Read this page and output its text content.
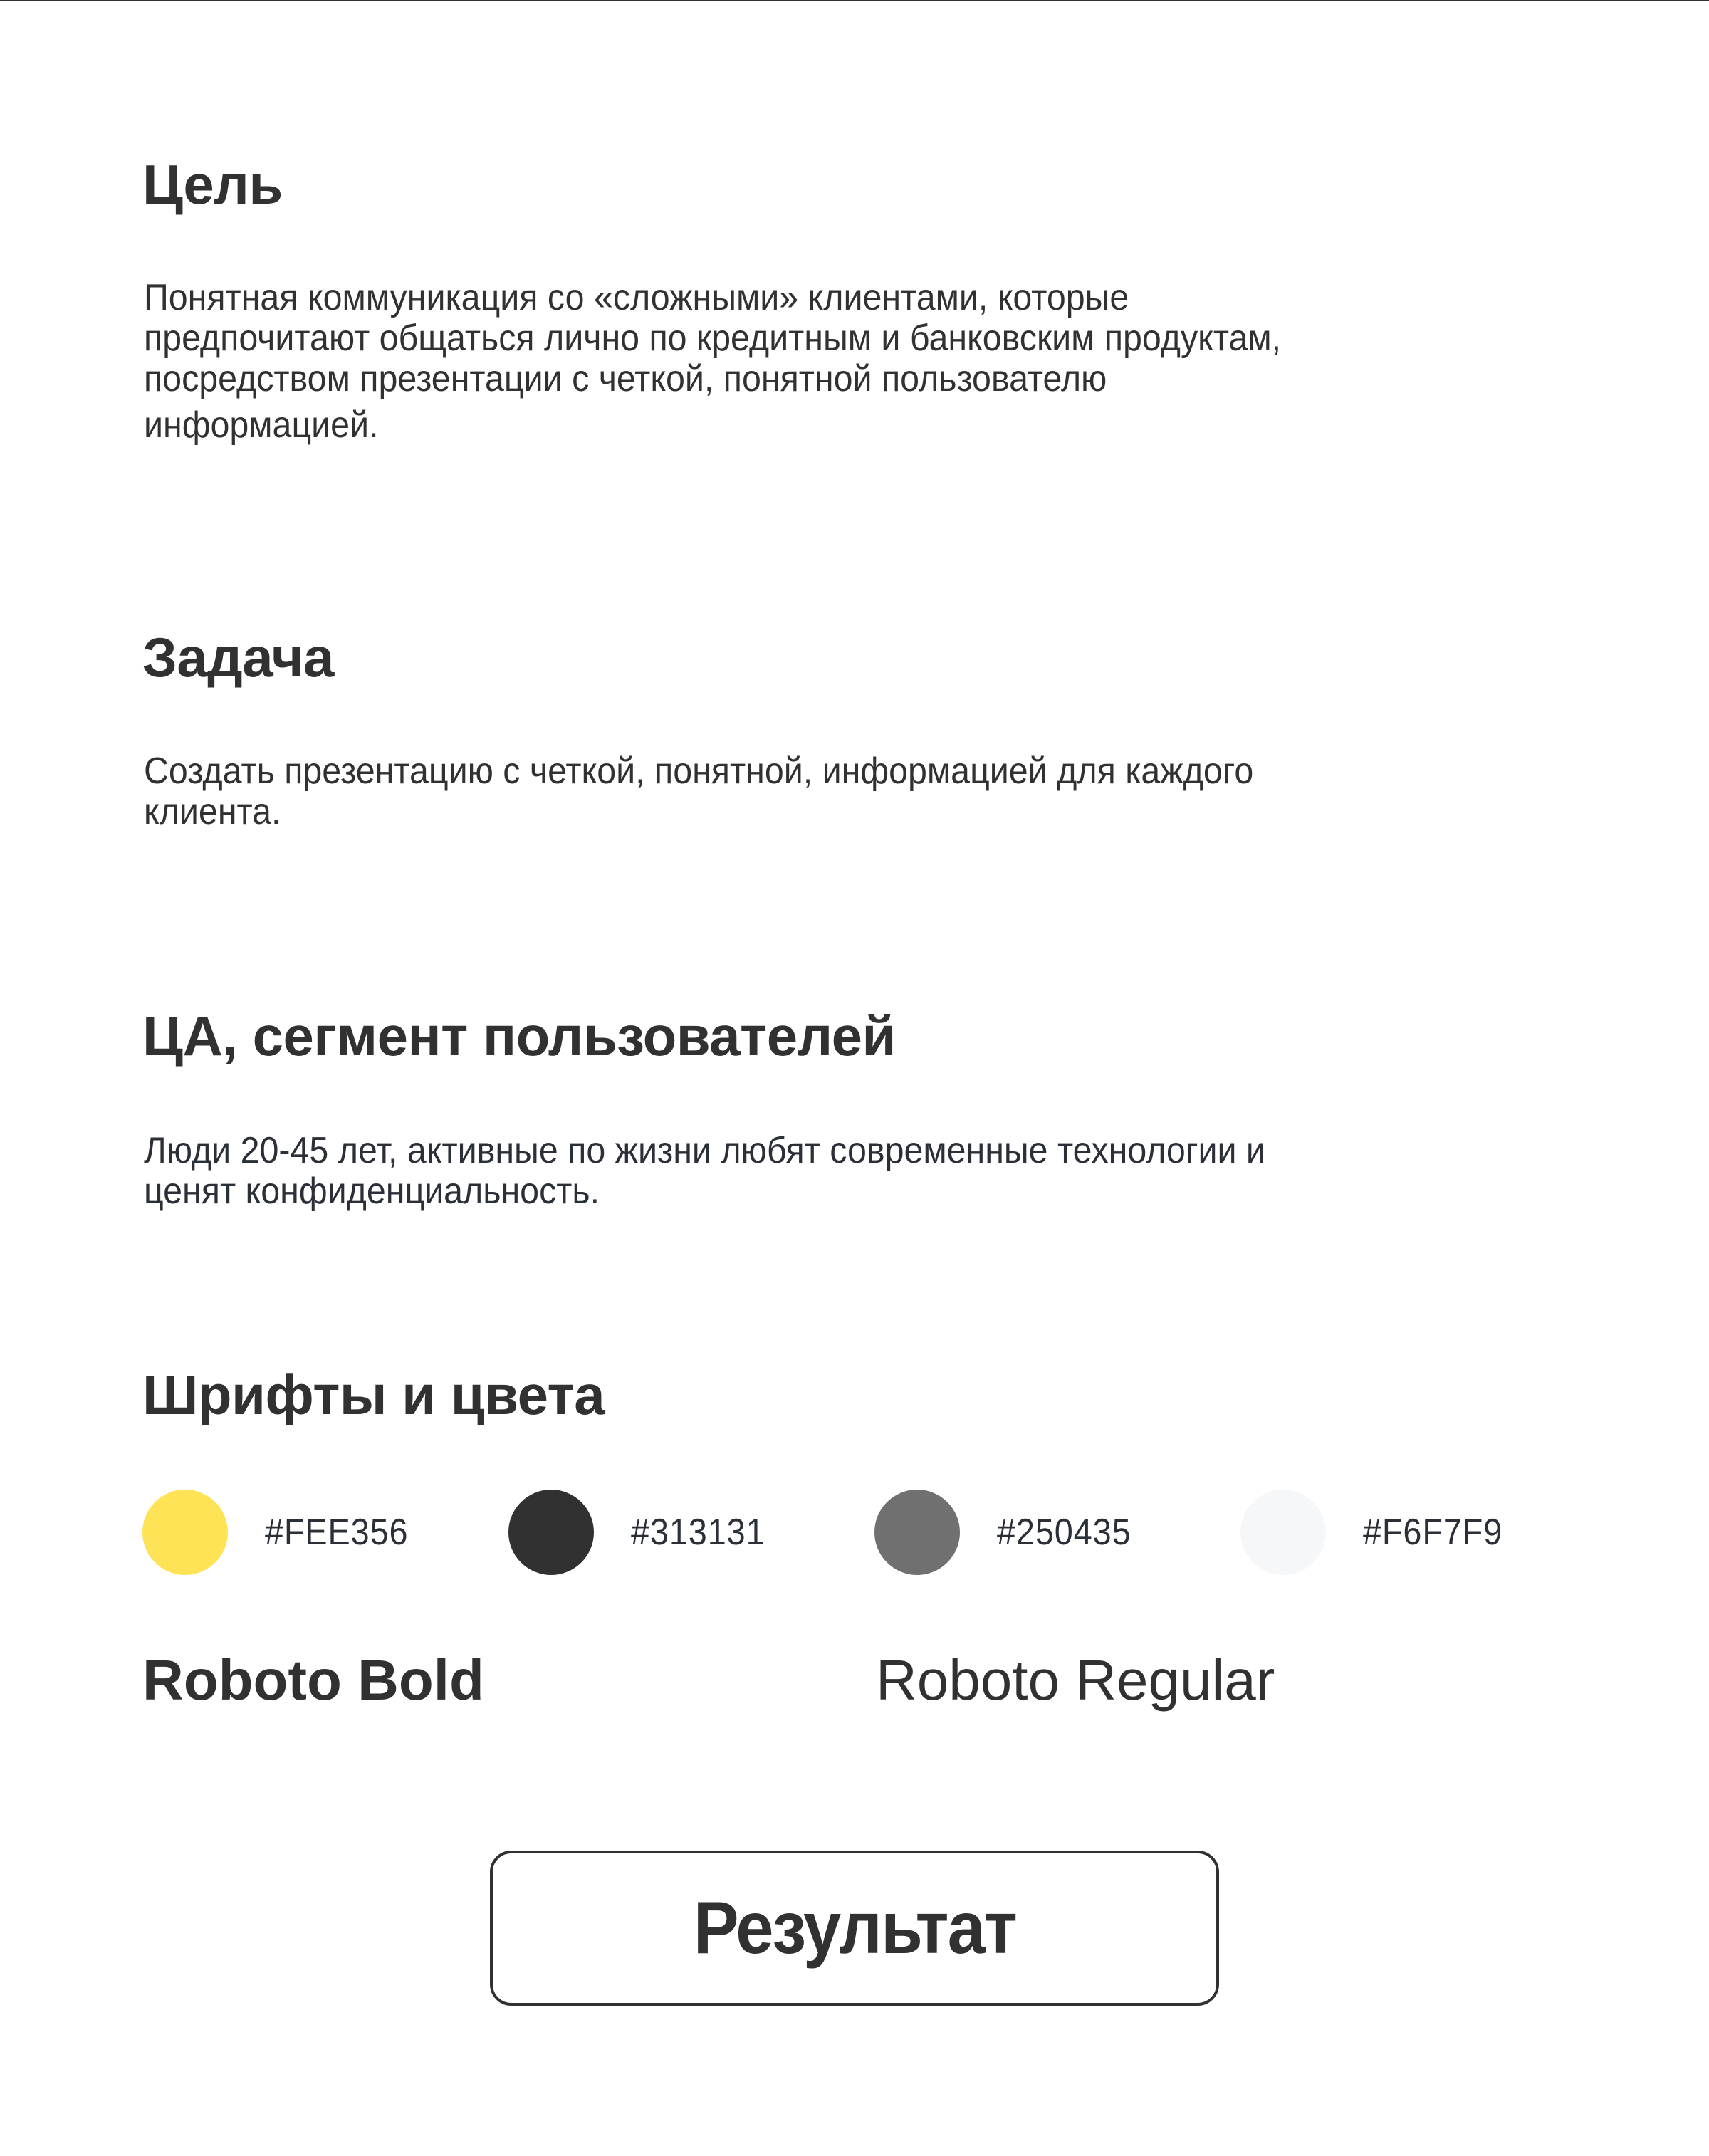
Цель
Понятная коммуникация со «сложными» клиентами, которые
предпочитают общаться лично по кредитным и банковским продуктам,
посредством презентации с четкой, понятной пользователю
информацией.
Задача
Создать презентацию с четкой, понятной, информацией для каждого
клиента.
ЦА, сегмент пользователей
Люди 20-45 лет, активные по жизни любят современные технологии и
ценят конфиденциальность.
Шрифты и цвета
#FEE356	#313131	#250435	#F6F7F9
Roboto Bold	Roboto Regular
Результат
